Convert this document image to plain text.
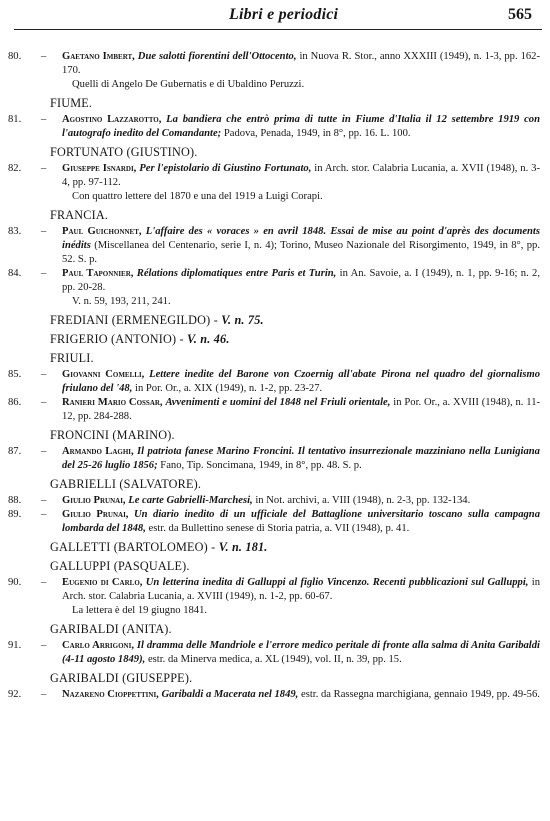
Libri e periodici	565
80. – Gaetano Imbert, Due salotti fiorentini dell'Ottocento, in Nuova R. Stor., anno XXXIII (1949), n. 1-3, pp. 162-170.

Quelli di Angelo De Gubernatis e di Ubaldino Peruzzi.

FIUME.
81. – Agostino Lazzarotto, La bandiera che entrò prima di tutte in Fiume d'Italia il 12 settembre 1919 con l'autografo inedito del Comandante; Padova, Penada, 1949, in 8°, pp. 16. L. 100.

FORTUNATO (GIUSTINO).
82. – Giuseppe Isnardi, Per l'epistolario di Giustino Fortunato, in Arch. stor. Calabria Lucania, a. XVII (1948), n. 3-4, pp. 97-112.

Con quattro lettere del 1870 e una del 1919 a Luigi Corapi.

FRANCIA.
83. – Paul Guichonnet, L'affaire des « voraces » en avril 1848. Essai de mise au point d'après des documents inédits (Miscellanea del Centenario, serie I, n. 4); Torino, Museo Nazionale del Risorgimento, 1949, in 8°, pp. 52. S. p.

84. – Paul Taponnier, Rélations diplomatiques entre Paris et Turin, in An. Savoie, a. I (1949), n. 1, pp. 9-16; n. 2, pp. 20-28.

V. n. 59, 193, 211, 241.

FREDIANI (ERMENEGILDO) - V. n. 75.
FRIGERIO (ANTONIO) - V. n. 46.
FRIULI.
85. – Giovanni Comelli, Lettere inedite del Barone von Czoernig all'abate Pirona nel quadro del giornalismo friulano del '48, in Por. Or., a. XIX (1949), n. 1-2, pp. 23-27.

86. – Ranieri Mario Cossar, Avvenimenti e uomini del 1848 nel Friuli orientale, in Por. Or., a. XVIII (1948), n. 11-12, pp. 284-288.

FRONCINI (MARINO).
87. – Armando Laghi, Il patriota fanese Marino Froncini. Il tentativo insurrezionale mazziniano nella Lunigiana del 25-26 luglio 1856; Fano, Tip. Soncimana, 1949, in 8°, pp. 48. S. p.

GABRIELLI (SALVATORE).
88. – Giulio Prunai, Le carte Gabrielli-Marchesi, in Not. archivi, a. VIII (1948), n. 2-3, pp. 132-134.

89. – Giulio Prunai, Un diario inedito di un ufficiale del Battaglione universitario toscano sulla campagna lombarda del 1848, estr. da Bullettino senese di Storia patria, a. VII (1948), p. 41.

GALLETTI (BARTOLOMEO) - V. n. 181.
GALLUPPI (PASQUALE).
90. – Eugenio di Carlo, Un letterina inedita di Galluppi al figlio Vincenzo. Recenti pubblicazioni sul Galluppi, in Arch. stor. Calabria Lucania, a. XVIII (1949), n. 1-2, pp. 60-67.

La lettera è del 19 giugno 1841.

GARIBALDI (ANITA).
91. – Carlo Arrigoni, Il dramma delle Mandriole e l'errore medico peritale di fronte alla salma di Anita Garibaldi (4-11 agosto 1849), estr. da Minerva medica, a. XL (1949), vol. II, n. 39, pp. 15.

GARIBALDI (GIUSEPPE).
92. – Nazareno Cioppettini, Garibaldi a Macerata nel 1849, estr. da Rassegna marchigiana, gennaio 1949, pp. 49-56.
